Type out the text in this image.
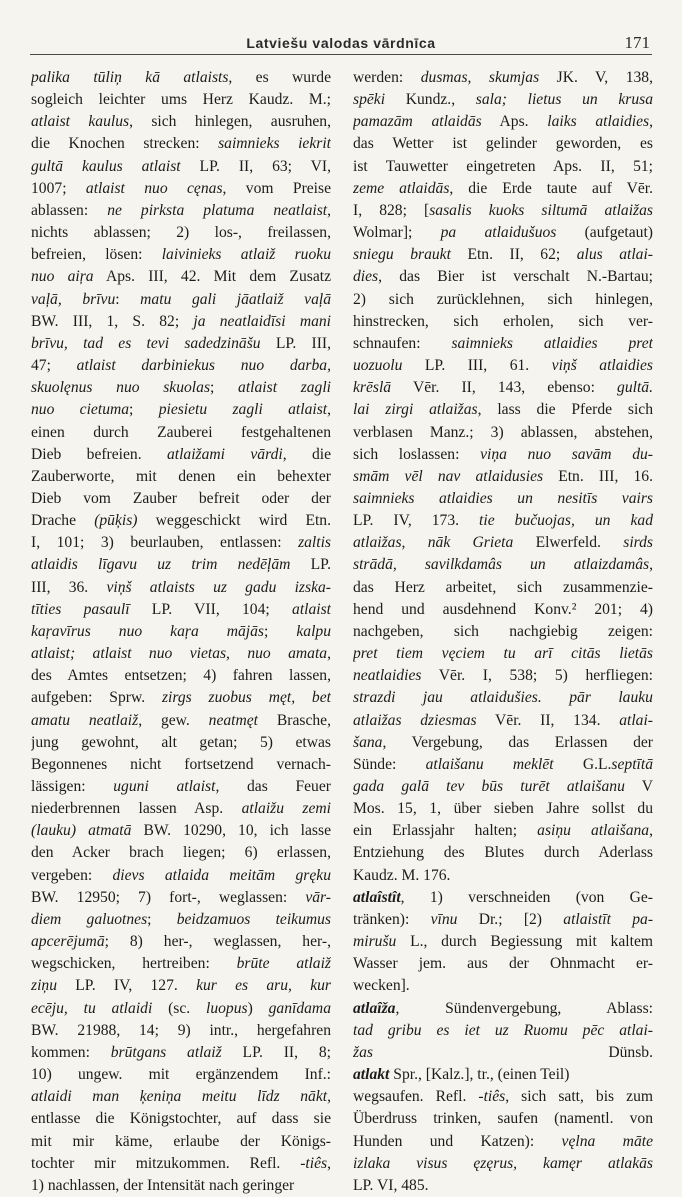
Latviešu valodas vārdnīca	171

palika tūliņ kā atlaists, es wurde

sogleich leichter ums Herz Kaudz. M.;

atlaist kaulus, sich hinlegen, ausruhen,

die Knochen strecken: saimnieks iekrit

gultā kaulus atlaist LP. II, 63; VI,

1007; atlaist nuo cęnas, vom Preise

ablassen: ne pirksta platuma neatlaist,

nichts ablassen; 2) los-, freilassen,

befreien, lösen: laivinieks atlaiž ruoku

nuo aiŗa Aps. III, 42. Mit dem Zusatz

vaļā, brīvu: matu gali jāatlaiž vaļā

BW. III, 1, S. 82; ja neatlaidīsi mani

brīvu, tad es tevi sadedzināšu LP. III,

47; atlaist darbiniekus nuo darba,

skuolęnus nuo skuolas; atlaist zagli

nuo cietuma; piesietu zagli atlaist,

einen durch Zauberei festgehaltenen

Dieb befreien. atlaižami vārdi, die

Zauberworte, mit denen ein behexter

Dieb vom Zauber befreit oder der

Drache (pūķis) weggeschickt wird Etn.

I, 101; 3) beurlauben, entlassen: zaltis

atlaidis līgavu uz trim nedēļām LP.

III, 36. viņš atlaists uz gadu izska-

tīties pasaulī LP. VII, 104; atlaist

kaŗavīrus nuo kaŗa mājās; kalpu

atlaist; atlaist nuo vietas, nuo amata,

des Amtes entsetzen; 4) fahren lassen,

aufgeben: Sprw. zirgs zuobus męt, bet

amatu neatlaiž, gew. neatmęt Brasche,

jung gewohnt, alt getan; 5) etwas

Begonnenes nicht fortsetzend vernach-

lässigen: uguni atlaist, das Feuer

niederbrennen lassen Asp. atlaižu zemi

(lauku) atmatā BW. 10290, 10, ich lasse

den Acker brach liegen; 6) erlassen,

vergeben: dievs atlaida meitām gręku

BW. 12950; 7) fort-, weglassen: vār-

diem galuotnes; beidzamuos teikumus

apcerējumā; 8) her-, weglassen, her-,

wegschicken, hertreiben: brūte atlaiž

ziņu LP. IV, 127. kur es aru, kur

ecēju, tu atlaidi (sc. luopus) ganīdama

BW. 21988, 14; 9) intr., hergefahren

kommen: brūtgans atlaiž LP. II, 8;

10) ungew. mit ergänzendem Inf.:

atlaidi man ķeniņa meitu līdz nākt,

entlasse die Königstochter, auf dass sie

mit mir käme, erlaube der Königs-

tochter mir mitzukommen. Refl. -tiês,

1) nachlassen, der Intensität nach geringer

werden: dusmas, skumjas JK. V, 138,

spēki Kundz., sala; lietus un krusa

pamazām atlaidās Aps. laiks atlaidies,

das Wetter ist gelinder geworden, es

ist Tauwetter eingetreten Aps. II, 51;

zeme atlaidās, die Erde taute auf Vēr.

I, 828; [sasalis kuoks siltumā atlaižas

Wolmar]; pa atlaidušuos (aufgetaut)

sniegu braukt Etn. II, 62; alus atlai-

dies, das Bier ist verschalt N.-Bartau;

2) sich zurücklehnen, sich hinlegen,

hinstrecken, sich erholen, sich ver-

schnaufen: saimnieks atlaidies pret

uozuolu LP. III, 61. viņš atlaidies

krēslā Vēr. II, 143, ebenso: gultā.

lai zirgi atlaižas, lass die Pferde sich

verblasen Manz.; 3) ablassen, abstehen,

sich loslassen: viņa nuo savām du-

smām vēl nav atlaidusies Etn. III, 16.

saimnieks atlaidies un nesitīs vairs

LP. IV, 173. tie bučuojas, un kad

atlaižas, nāk Grieta Elwerfeld. sirds

strādā, savilkdamâs un atlaizdamâs,

das Herz arbeitet, sich zusammenzie-

hend und ausdehnend Konv.² 201; 4)

nachgeben, sich nachgiebig zeigen:

pret tiem vęciem tu arī citās lietās

neatlaidies Vēr. I, 538; 5) herfliegen:

strazdi jau atlaidušies. pār lauku

atlaižas dziesmas Vēr. II, 134. atlai-

šana, Vergebung, das Erlassen der

Sünde: atlaišanu meklēt G.L.septītā

gada galā tev būs turēt atlaišanu V

Mos. 15, 1, über sieben Jahre sollst du

ein Erlassjahr halten; asiņu atlaišana,

Entziehung des Blutes durch Aderlass

Kaudz. M. 176.

atlaîstît, 1) verschneiden (von Ge-

tränken): vīnu Dr.; [2) atlaistīt pa-

mirušu L., durch Begiessung mit kaltem

Wasser jem. aus der Ohnmacht er-

wecken].

atlaîža, Sündenvergebung, Ablass:

tad gribu es iet uz Ruomu pēc atlai-

žas Dünsb.

atlakt Spr., [Kalz.], tr., (einen Teil)

wegsaufen. Refl. -tiês, sich satt, bis zum

Überdruss trinken, saufen (namentl. von

Hunden und Katzen): vęlna māte

izlaka visus ęzęrus, kamęr atlakās

LP. VI, 485.
